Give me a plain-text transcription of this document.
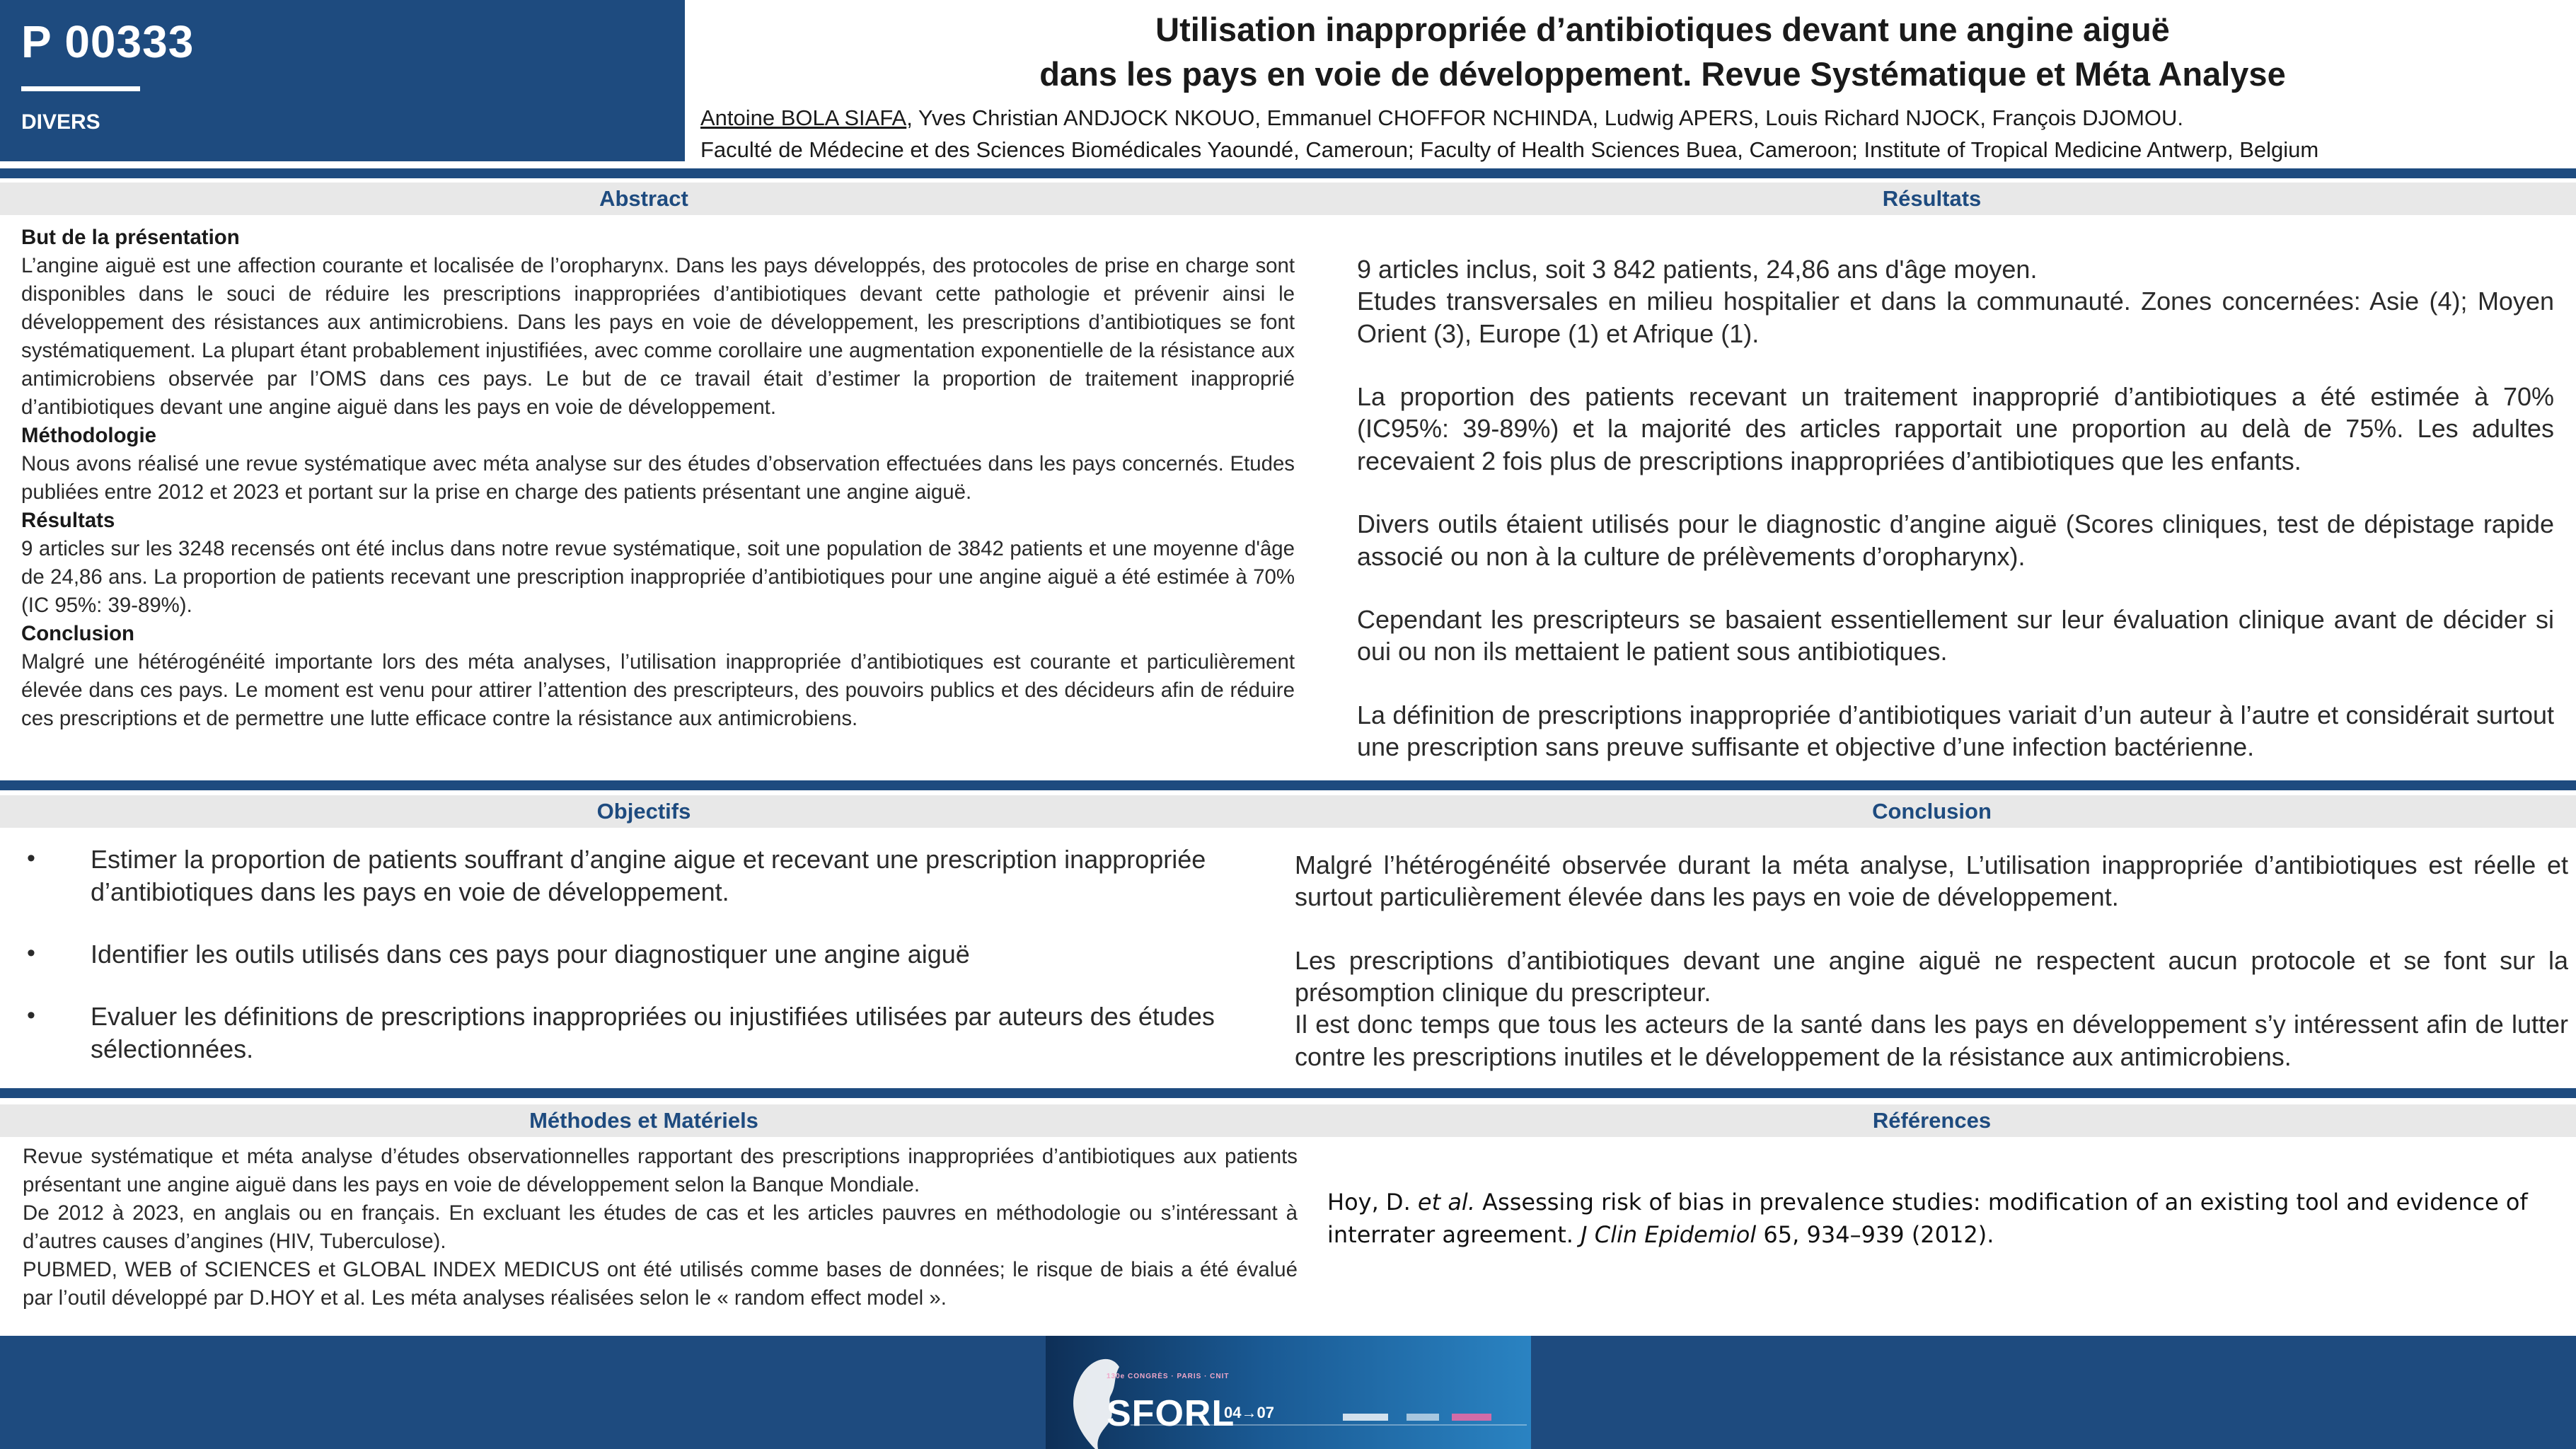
P 00333
DIVERS
Utilisation inappropriée d’antibiotiques devant une angine aiguë
dans les pays en voie de développement. Revue Systématique et Méta Analyse
Antoine BOLA SIAFA, Yves Christian ANDJOCK NKOUO, Emmanuel CHOFFOR NCHINDA, Ludwig APERS, Louis Richard NJOCK, François DJOMOU.
Faculté de Médecine et des Sciences Biomédicales Yaoundé, Cameroun; Faculty of Health Sciences Buea, Cameroon; Institute of Tropical Medicine Antwerp, Belgium
Abstract	Résultats
But de la présentation
L’angine aiguë est une affection courante et localisée de l’oropharynx. Dans les pays développés, des protocoles de prise en charge sont disponibles dans le souci de réduire les prescriptions inappropriées d’antibiotiques devant cette pathologie et prévenir ainsi le développement des résistances aux antimicrobiens. Dans les pays en voie de développement, les prescriptions d’antibiotiques se font systématiquement. La plupart étant probablement injustifiées, avec comme corollaire une augmentation exponentielle de la résistance aux antimicrobiens observée par l’OMS dans ces pays. Le but de ce travail était d’estimer la proportion de traitement inapproprié d’antibiotiques devant une angine aiguë dans les pays en voie de développement.
Méthodologie
Nous avons réalisé une revue systématique avec méta analyse sur des études d’observation effectuées dans les pays concernés. Etudes publiées entre 2012 et 2023 et portant sur la prise en charge des patients présentant une angine aiguë.
Résultats
9 articles sur les 3248 recensés ont été inclus dans notre revue systématique, soit une population de 3842 patients et une moyenne d'âge de 24,86 ans. La proportion de patients recevant une prescription inappropriée d’antibiotiques pour une angine aiguë a été estimée à 70% (IC 95%: 39-89%).
Conclusion
Malgré une hétérogénéité importante lors des méta analyses, l’utilisation inappropriée d’antibiotiques est courante et particulièrement élevée dans ces pays. Le moment est venu pour attirer l’attention des prescripteurs, des pouvoirs publics et des décideurs afin de réduire ces prescriptions et de permettre une lutte efficace contre la résistance aux antimicrobiens.
9 articles inclus, soit 3 842 patients, 24,86 ans d'âge moyen.
Etudes transversales en milieu hospitalier et dans la communauté. Zones concernées: Asie (4); Moyen Orient (3), Europe (1) et Afrique (1).
La proportion des patients recevant un traitement inapproprié d’antibiotiques a été estimée à 70% (IC95%: 39-89%) et la majorité des articles rapportait une proportion au delà de 75%. Les adultes recevaient 2 fois plus de prescriptions inappropriées d’antibiotiques que les enfants.
Divers outils étaient utilisés pour le diagnostic d’angine aiguë (Scores cliniques, test de dépistage rapide associé ou non à la culture de prélèvements d’oropharynx).
Cependant les prescripteurs se basaient essentiellement sur leur évaluation clinique avant de décider si oui ou non ils mettaient le patient sous antibiotiques.
La définition de prescriptions inappropriée d’antibiotiques variait d’un auteur à l’autre et considérait surtout une prescription sans preuve suffisante et objective d’une infection bactérienne.
Objectifs	Conclusion
• Estimer la proportion de patients souffrant d’angine aigue et recevant une prescription inappropriée d’antibiotiques dans les pays en voie de développement.
• Identifier les outils utilisés dans ces pays pour diagnostiquer une angine aiguë
• Evaluer les définitions de prescriptions inappropriées ou injustifiées utilisées par auteurs des études sélectionnées.
Malgré l’hétérogénéité observée durant la méta analyse, L’utilisation inappropriée d’antibiotiques est réelle et surtout particulièrement élevée dans les pays en voie de développement.
Les prescriptions d’antibiotiques devant une angine aiguë ne respectent aucun protocole et se font sur la présomption clinique du prescripteur.
Il est donc temps que tous les acteurs de la santé dans les pays en développement s’y intéressent afin de lutter contre les prescriptions inutiles et le développement de la résistance aux antimicrobiens.
Méthodes et Matériels	Références
Revue systématique et méta analyse d’études observationnelles rapportant des prescriptions inappropriées d’antibiotiques aux patients présentant une angine aiguë dans les pays en voie de développement selon la Banque Mondiale.
De 2012 à 2023, en anglais ou en français. En excluant les études de cas et les articles pauvres en méthodologie ou s’intéressant à d’autres causes d’angines (HIV, Tuberculose).
PUBMED, WEB of SCIENCES et GLOBAL INDEX MEDICUS ont été utilisés comme bases de données; le risque de biais a été évalué par l’outil développé par D.HOY et al. Les méta analyses réalisées selon le « random effect model ».
Hoy, D. et al. Assessing risk of bias in prevalence studies: modification of an existing tool and evidence of interrater agreement. J Clin Epidemiol 65, 934–939 (2012).
130e CONGRÈS · PARIS · CNIT
SFORL
04→07
